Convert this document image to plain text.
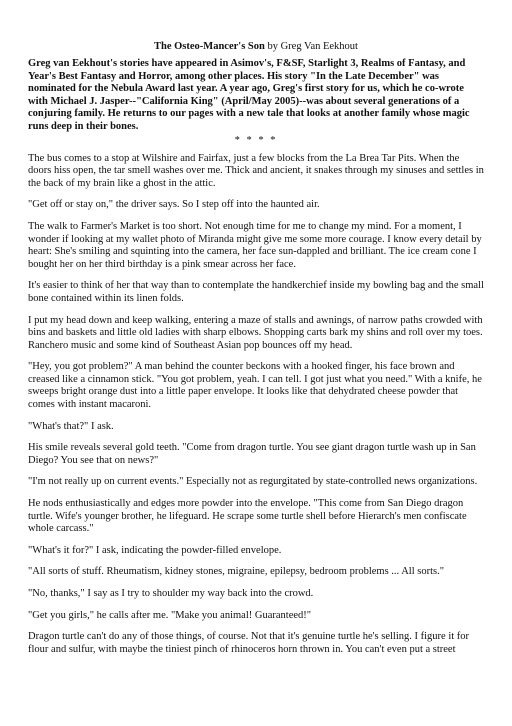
The Osteo-Mancer's Son by Greg Van Eekhout

Greg van Eekhout's stories have appeared in Asimov's, F&SF, Starlight 3, Realms of Fantasy, and Year's Best Fantasy and Horror, among other places. His story "In the Late December" was nominated for the Nebula Award last year. A year ago, Greg's first story for us, which he co-wrote with Michael J. Jasper--"California King" (April/May 2005)--was about several generations of a conjuring family. He returns to our pages with a new tale that looks at another family whose magic runs deep in their bones.

* * * *

The bus comes to a stop at Wilshire and Fairfax, just a few blocks from the La Brea Tar Pits. When the doors hiss open, the tar smell washes over me. Thick and ancient, it snakes through my sinuses and settles in the back of my brain like a ghost in the attic.

"Get off or stay on," the driver says. So I step off into the haunted air.

The walk to Farmer's Market is too short. Not enough time for me to change my mind. For a moment, I wonder if looking at my wallet photo of Miranda might give me some more courage. I know every detail by heart: She's smiling and squinting into the camera, her face sun-dappled and brilliant. The ice cream cone I bought her on her third birthday is a pink smear across her face.

It's easier to think of her that way than to contemplate the handkerchief inside my bowling bag and the small bone contained within its linen folds.

I put my head down and keep walking, entering a maze of stalls and awnings, of narrow paths crowded with bins and baskets and little old ladies with sharp elbows. Shopping carts bark my shins and roll over my toes. Ranchero music and some kind of Southeast Asian pop bounces off my head.

"Hey, you got problem?" A man behind the counter beckons with a hooked finger, his face brown and creased like a cinnamon stick. "You got problem, yeah. I can tell. I got just what you need." With a knife, he sweeps bright orange dust into a little paper envelope. It looks like that dehydrated cheese powder that comes with instant macaroni.

"What's that?" I ask.

His smile reveals several gold teeth. "Come from dragon turtle. You see giant dragon turtle wash up in San Diego? You see that on news?"

"I'm not really up on current events." Especially not as regurgitated by state-controlled news organizations.

He nods enthusiastically and edges more powder into the envelope. "This come from San Diego dragon turtle. Wife's younger brother, he lifeguard. He scrape some turtle shell before Hierarch's men confiscate whole carcass."

"What's it for?" I ask, indicating the powder-filled envelope.

"All sorts of stuff. Rheumatism, kidney stones, migraine, epilepsy, bedroom problems ... All sorts."

"No, thanks," I say as I try to shoulder my way back into the crowd.

"Get you girls," he calls after me. "Make you animal! Guaranteed!"

Dragon turtle can't do any of those things, of course. Not that it's genuine turtle he's selling. I figure it for flour and sulfur, with maybe the tiniest pinch of rhinoceros horn thrown in. You can't even put a street
